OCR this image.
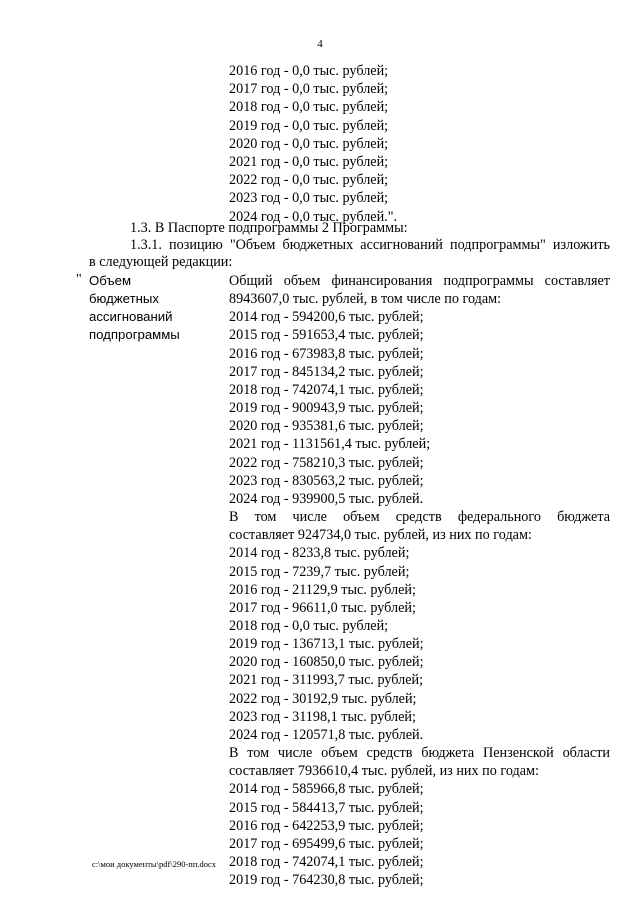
4
2016 год - 0,0 тыс. рублей;
2017 год - 0,0 тыс. рублей;
2018 год - 0,0 тыс. рублей;
2019 год - 0,0 тыс. рублей;
2020 год - 0,0 тыс. рублей;
2021 год - 0,0 тыс. рублей;
2022 год - 0,0 тыс. рублей;
2023 год - 0,0 тыс. рублей;
2024 год - 0,0 тыс. рублей.".
1.3. В Паспорте подпрограммы 2 Программы:
1.3.1. позицию "Объем бюджетных ассигнований подпрограммы" изложить
в следующей редакции:
" Объем
бюджетных
ассигнований
подпрограммы
Общий объем финансирования подпрограммы составляет
8943607,0 тыс. рублей, в том числе по годам:
2014 год - 594200,6 тыс. рублей;
2015 год - 591653,4 тыс. рублей;
2016 год - 673983,8 тыс. рублей;
2017 год - 845134,2 тыс. рублей;
2018 год - 742074,1 тыс. рублей;
2019 год - 900943,9 тыс. рублей;
2020 год - 935381,6 тыс. рублей;
2021 год - 1131561,4 тыс. рублей;
2022 год - 758210,3 тыс. рублей;
2023 год - 830563,2 тыс. рублей;
2024 год - 939900,5 тыс. рублей.
В том числе объем средств федерального бюджета
составляет 924734,0 тыс. рублей, из них по годам:
2014 год - 8233,8 тыс. рублей;
2015 год - 7239,7 тыс. рублей;
2016 год - 21129,9 тыс. рублей;
2017 год - 96611,0 тыс. рублей;
2018 год - 0,0 тыс. рублей;
2019 год - 136713,1 тыс. рублей;
2020 год - 160850,0 тыс. рублей;
2021 год - 311993,7 тыс. рублей;
2022 год - 30192,9 тыс. рублей;
2023 год - 31198,1 тыс. рублей;
2024 год - 120571,8 тыс. рублей.
В том числе объем средств бюджета Пензенской области
составляет 7936610,4 тыс. рублей, из них по годам:
2014 год - 585966,8 тыс. рублей;
2015 год - 584413,7 тыс. рублей;
2016 год - 642253,9 тыс. рублей;
2017 год - 695499,6 тыс. рублей;
2018 год - 742074,1 тыс. рублей;
2019 год - 764230,8 тыс. рублей;
c:\мои документы\pdf\290-пп.docx
